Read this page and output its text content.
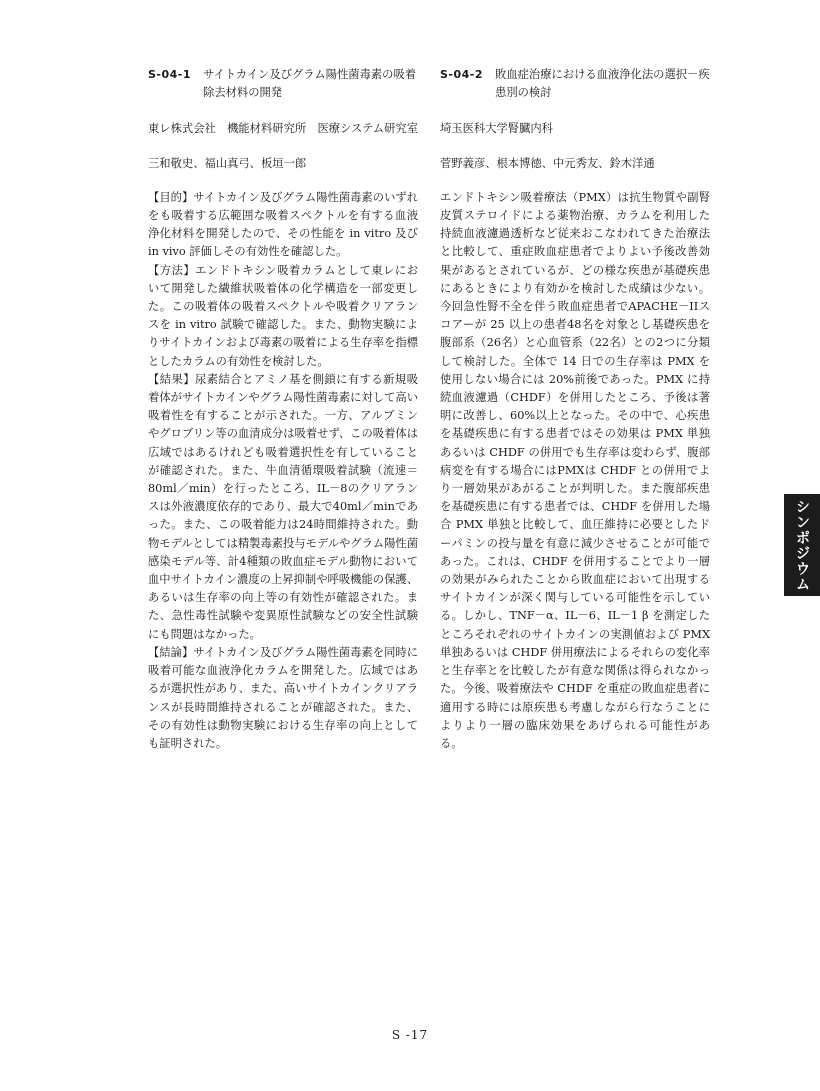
S-04-1 サイトカイン及びグラム陽性菌毒素の吸着除去材料の開発
東レ株式会社　機能材料研究所　医療システム研究室
三和敬史、福山真弓、板垣一郎

【目的】サイトカイン及びグラム陽性菌毒素のいずれをも吸着する広範囲な吸着スペクトルを有する血液浄化材料を開発したので、その性能を in vitro 及び in vivo 評価しその有効性を確認した。

【方法】エンドトキシン吸着カラムとして東レにおいて開発した繊維状吸着体の化学構造を一部変更した。この吸着体の吸着スペクトルや吸着クリアランスを in vitro 試験で確認した。また、動物実験によりサイトカインおよび毒素の吸着による生存率を指標としたカラムの有効性を検討した。

【結果】尿素結合とアミノ基を側鎖に有する新規吸着体がサイトカインやグラム陽性菌毒素に対して高い吸着性を有することが示された。一方、アルブミンやグロブリン等の血清成分は吸着せず、この吸着体は広域ではあるけれども吸着選択性を有していることが確認された。また、牛血清循環吸着試験（流速＝80ml／min）を行ったところ、IL－8のクリアランスは外液濃度依存的であり、最大で40ml／minであった。また、この吸着能力は24時間維持された。動物モデルとしては精製毒素投与モデルやグラム陽性菌感染モデル等、計4種類の敗血症モデル動物において血中サイトカイン濃度の上昇抑制や呼吸機能の保護、あるいは生存率の向上等の有効性が確認された。また、急性毒性試験や変異原性試験などの安全性試験にも問題はなかった。

【結論】サイトカイン及びグラム陽性菌毒素を同時に吸着可能な血液浄化カラムを開発した。広域ではあるが選択性があり、また、高いサイトカインクリアランスが長時間維持されることが確認された。また、その有効性は動物実験における生存率の向上としても証明された。

S-04-2 敗血症治療における血液浄化法の選択－疾患別の検討
埼玉医科大学腎臓内科
菅野義彦、根本博徳、中元秀友、鈴木洋通

エンドトキシン吸着療法（PMX）は抗生物質や副腎皮質ステロイドによる薬物治療、カラムを利用した持続血液濾過透析など従来おこなわれてきた治療法と比較して、重症敗血症患者でよりよい予後改善効果があるとされているが、どの様な疾患が基礎疾患にあるときにより有効かを検討した成績は少ない。今回急性腎不全を伴う敗血症患者でAPACHE－IIスコアーが 25 以上の患者48名を対象とし基礎疾患を腹部系（26名）と心血管系（22名）との2つに分類して検討した。全体で 14 日での生存率は PMX を使用しない場合には 20%前後であった。PMX に持続血液濾過（CHDF）を併用したところ、予後は著明に改善し、60%以上となった。その中で、心疾患を基礎疾患に有する患者ではその効果は PMX 単独あるいは CHDF の併用でも生存率は変わらず、腹部病変を有する場合にはPMXは CHDF との併用でより一層効果があがることが判明した。また腹部疾患を基礎疾患に有する患者では、CHDF を併用した場合 PMX 単独と比較して、血圧維持に必要としたドーパミンの投与量を有意に減少させることが可能であった。これは、CHDF を併用することでより一層の効果がみられたことから敗血症において出現するサイトカインが深く関与している可能性を示している。しかし、TNF－α、IL－6、IL－1 β を測定したところそれぞれのサイトカインの実測値および PMX 単独あるいは CHDF 併用療法によるそれらの変化率と生存率とを比較したが有意な関係は得られなかった。今後、吸着療法や CHDF を重症の敗血症患者に適用する時には原疾患も考慮しながら行なうことによりより一層の臨床効果をあげられる可能性がある。

シンポジウム
S -17
